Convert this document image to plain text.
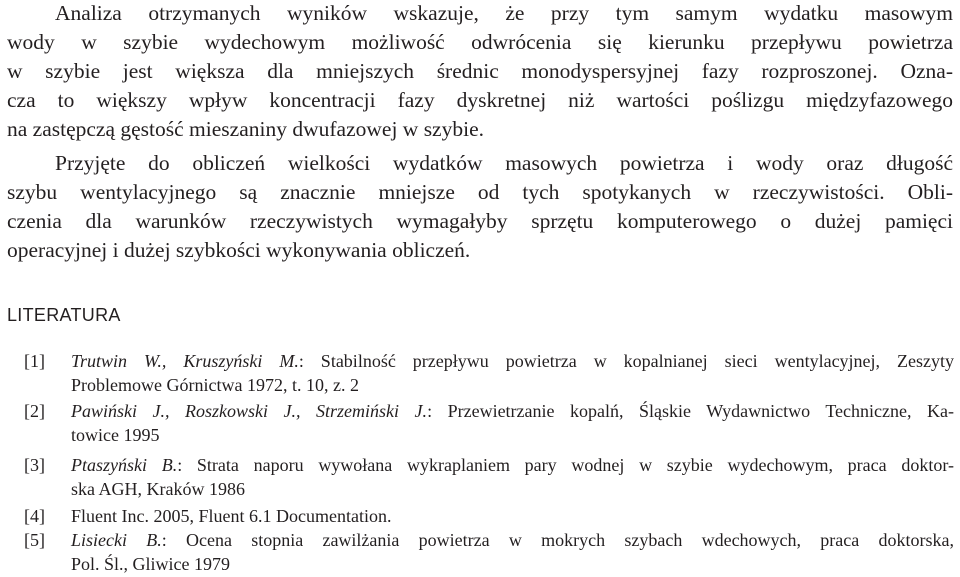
Analiza otrzymanych wyników wskazuje, że przy tym samym wydatku masowym
wody w szybie wydechowym możliwość odwrócenia się kierunku przepływu powietrza
w szybie jest większa dla mniejszych średnic monodyspersyjnej fazy rozproszonej. Ozna-
cza to większy wpływ koncentracji fazy dyskretnej niż wartości poślizgu międzyfazowego
na zastępczą gęstość mieszaniny dwufazowej w szybie.
Przyjęte do obliczeń wielkości wydatków masowych powietrza i wody oraz długość
szybu wentylacyjnego są znacznie mniejsze od tych spotykanych w rzeczywistości. Obli-
czenia dla warunków rzeczywistych wymagałyby sprzętu komputerowego o dużej pamięci
operacyjnej i dużej szybkości wykonywania obliczeń.
LITERATURA
[1] Trutwin W., Kruszyński M.: Stabilność przepływu powietrza w kopalnianej sieci wentylacyjnej, Zeszyty
Problemowe Górnictwa 1972, t. 10, z. 2
[2] Pawiński J., Roszkowski J., Strzemiński J.: Przewietrzanie kopalń, Śląskie Wydawnictwo Techniczne, Ka-
towice 1995
[3] Ptaszyński B.: Strata naporu wywołana wykraplaniem pary wodnej w szybie wydechowym, praca doktor-
ska AGH, Kraków 1986
[4] Fluent Inc. 2005, Fluent 6.1 Documentation.
[5] Lisiecki B.: Ocena stopnia zawilżania powietrza w mokrych szybach wdechowych, praca doktorska,
Pol. Śl., Gliwice 1979
